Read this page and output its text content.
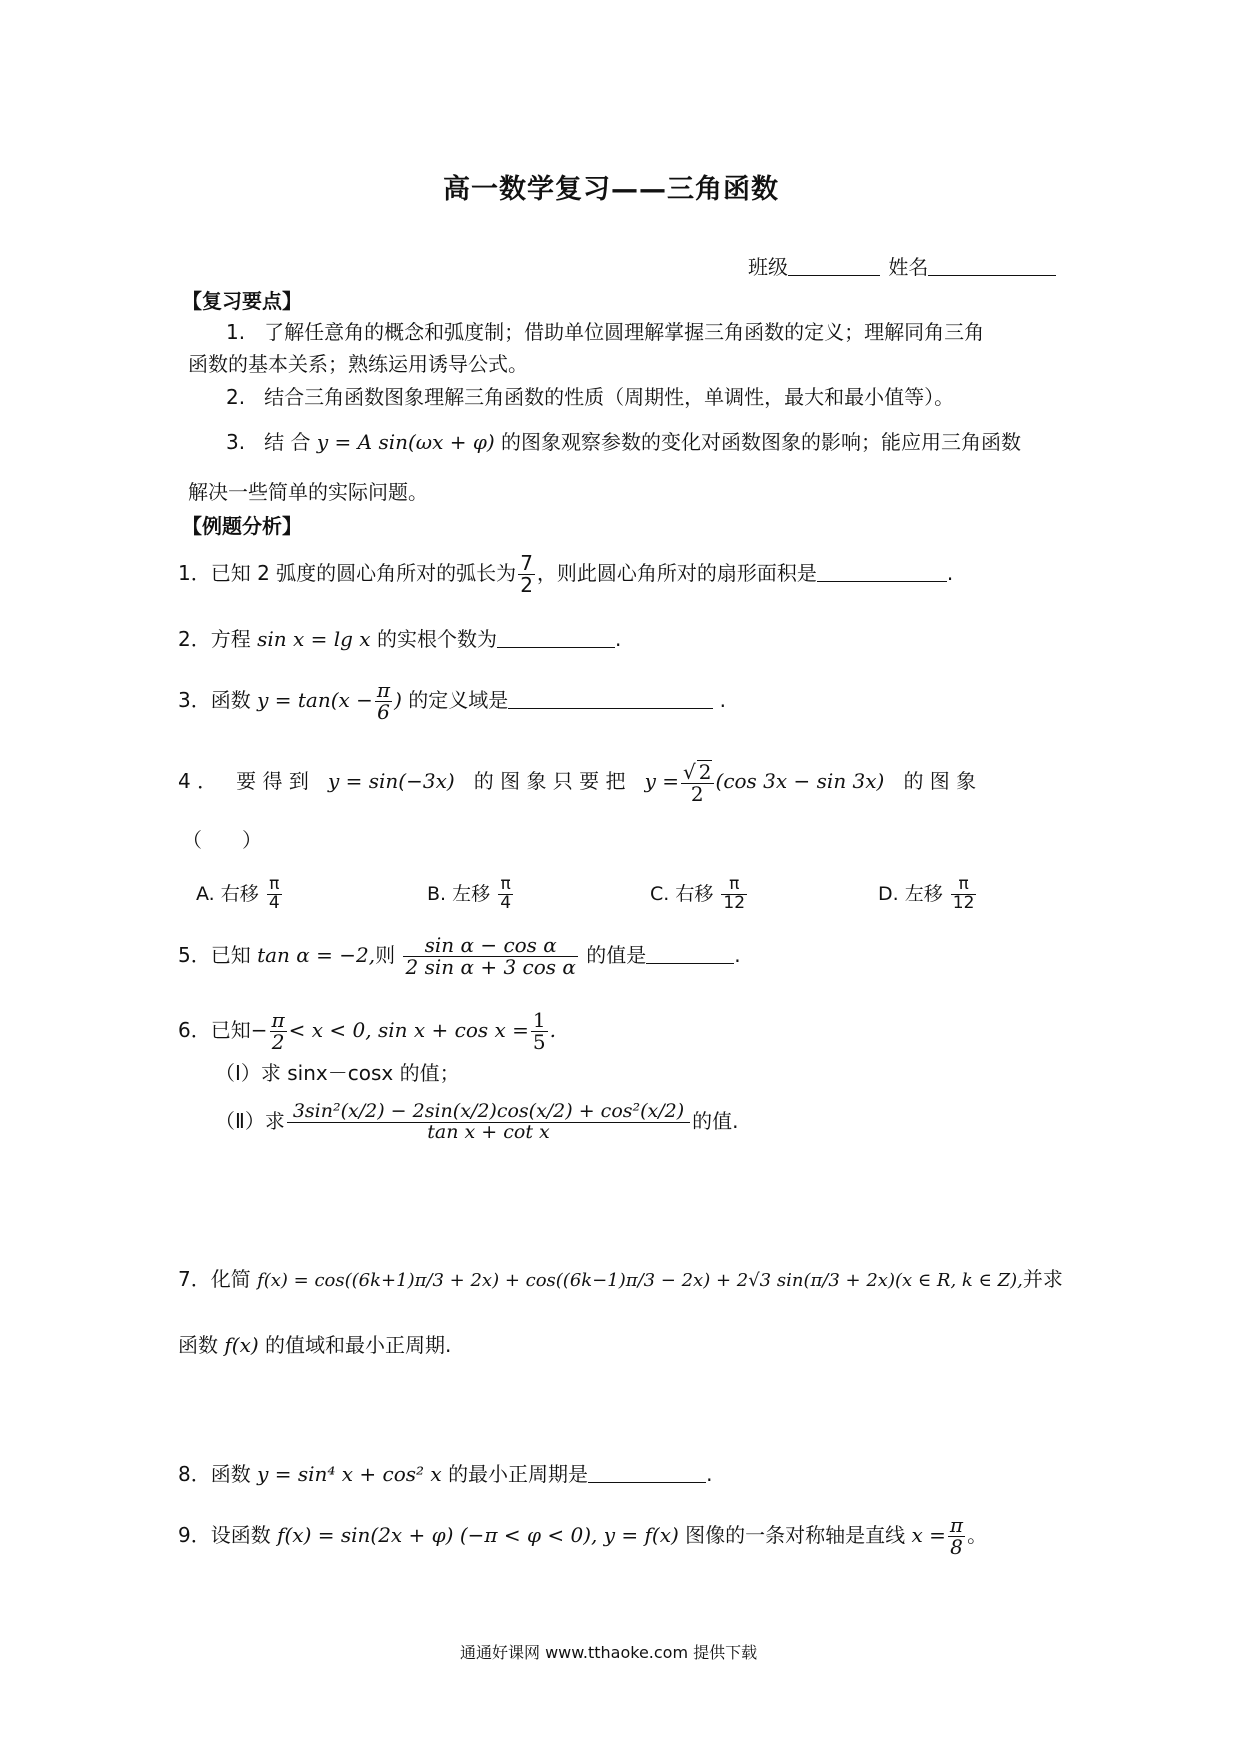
高一数学复习——三角函数
班级	姓名
【复习要点】
1. 了解任意角的概念和弧度制；借助单位圆理解掌握三角函数的定义；理解同角三角
函数的基本关系；熟练运用诱导公式。
2. 结合三角函数图象理解三角函数的性质（周期性，单调性，最大和最小值等）。
3. 结 合 y = A sin(ωx + φ) 的图象观察参数的变化对函数图象的影响；能应用三角函数
解决一些简单的实际问题。
【例题分析】
1．已知 2 弧度的圆心角所对的弧长为 $\frac{7}{2}$ ，则此圆心角所对的扇形面积是	.
2．方程 sin x = lg x 的实根个数为	.
3．函数 $y = \tan(x - \frac{\pi}{6}$ ) 的定义域是	.
4 ． 要 得 到 y = sin(−3x) 的 图 象 只 要 把 $y = \frac{√ 2}{2} (\cos$ 3x − sin 3x) 的 图 象
（　　）
A. 右移 $\frac{\pi}{4}$	B. 左移 $\frac{\pi}{4}$	C. 右移 $\frac{\pi}{12}$	D. 左移 $\frac{\pi}{12}$
5．已知 tan α = −2,则 $\frac{\text{sin α − cos α}}{\text{2 sin α + 3 cos α}}$ 的值是	.
6．已知− $\frac{\pi}{2} < x < 0$, $\sin x + \cos x = \frac{1}{5}$ .
（I）求 sinx－cosx 的值；
（Ⅱ）求 $\frac{\text{3sin²(x/2) − 2sin(x/2)cos(x/2) + cos²(x/2)}}{\text{tan x + cot x}}$ 的值.
7．化简 f(x) = cos((6k+1)π/3 + 2x) + cos((6k−1)π/3 − 2x) + 2√3 sin(π/3 + 2x)(x ∈ R, k ∈ Z),并求
函数 f(x) 的值域和最小正周期.
8．函数 y = sin⁴ x + cos² x 的最小正周期是	.
9．设函数 f(x) = sin(2x + φ) (−π < φ < 0), y = f(x) 图像的一条对称轴是直线 $x = \frac{\pi}{8}$ 。
通通好课网 www.tthaoke.com 提供下载
